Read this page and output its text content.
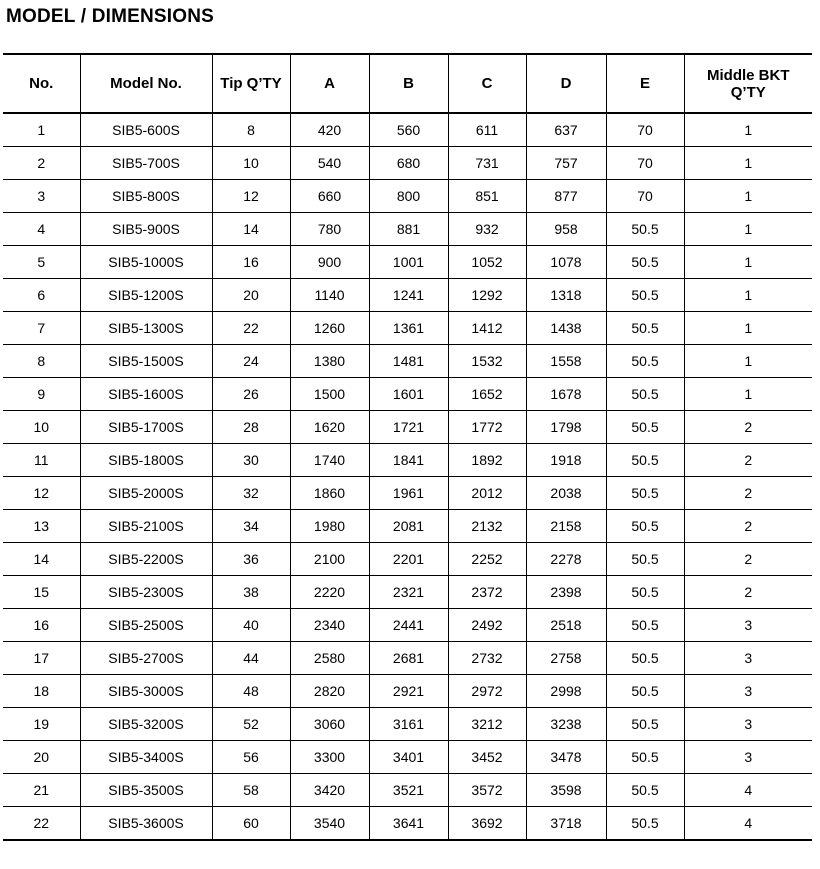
MODEL / DIMENSIONS
No.	Model No.	Tip Q’TY	A	B	C	D	E	Middle BKT
Q’TY
1	SIB5-600S	8	420	560	611	637	70	1
2	SIB5-700S	10	540	680	731	757	70	1
3	SIB5-800S	12	660	800	851	877	70	1
4	SIB5-900S	14	780	881	932	958	50.5	1
5	SIB5-1000S	16	900	1001	1052	1078	50.5	1
6	SIB5-1200S	20	1140	1241	1292	1318	50.5	1
7	SIB5-1300S	22	1260	1361	1412	1438	50.5	1
8	SIB5-1500S	24	1380	1481	1532	1558	50.5	1
9	SIB5-1600S	26	1500	1601	1652	1678	50.5	1
10	SIB5-1700S	28	1620	1721	1772	1798	50.5	2
11	SIB5-1800S	30	1740	1841	1892	1918	50.5	2
12	SIB5-2000S	32	1860	1961	2012	2038	50.5	2
13	SIB5-2100S	34	1980	2081	2132	2158	50.5	2
14	SIB5-2200S	36	2100	2201	2252	2278	50.5	2
15	SIB5-2300S	38	2220	2321	2372	2398	50.5	2
16	SIB5-2500S	40	2340	2441	2492	2518	50.5	3
17	SIB5-2700S	44	2580	2681	2732	2758	50.5	3
18	SIB5-3000S	48	2820	2921	2972	2998	50.5	3
19	SIB5-3200S	52	3060	3161	3212	3238	50.5	3
20	SIB5-3400S	56	3300	3401	3452	3478	50.5	3
21	SIB5-3500S	58	3420	3521	3572	3598	50.5	4
22	SIB5-3600S	60	3540	3641	3692	3718	50.5	4
